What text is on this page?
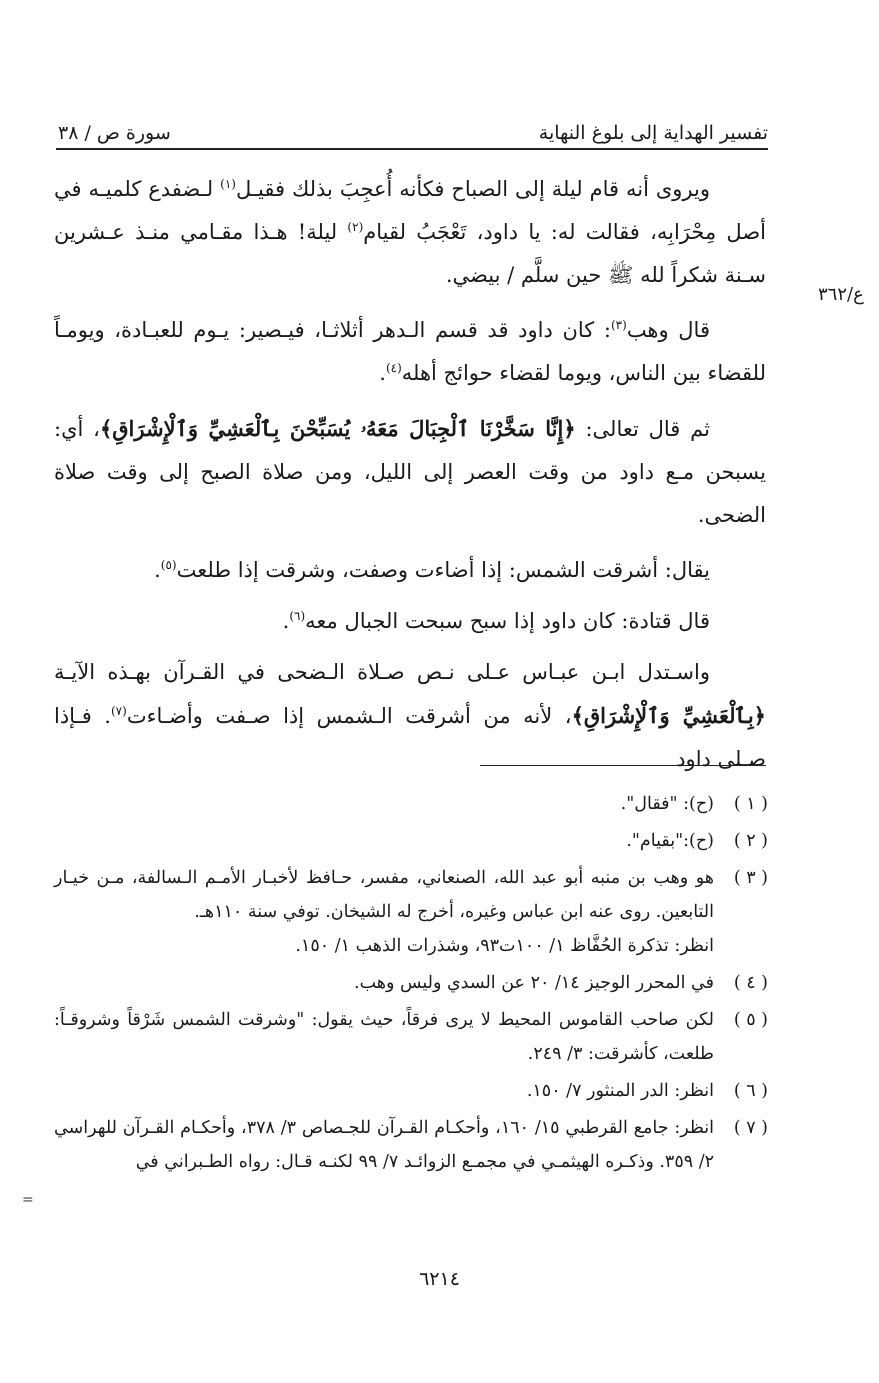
تفسير الهداية إلى بلوغ النهاية
سورة ص / ٣٨
ع/٣٦٢

ويروى أنه قام ليلة إلى الصباح فكأنه أُعجِبَ بذلك فقيـل$^{(١)}$ لـضفدع كلميـه في أصل مِحْرَابِه، فقالت له: يا داود، تَعْجَبُ لقيام$^{(٢)}$ ليلة! هـذا مقـامي منـذ عـشرين سـنة شكراً لله ﷺ حين سلَّم / بيضي.

قال وهب$^{(٣)}$: كان داود قد قسم الـدهر أثلاثـا، فيـصير: يـوم للعبـادة، ويومـاً للقضاء بين الناس، ويوما لقضاء حوائج أهله$^{(٤)}$.

ثم قال تعالى: ﴿إِنَّا سَخَّرْنَا ٱلْجِبَالَ مَعَهُۥ يُسَبِّحْنَ بِٱلْعَشِيِّ وَٱلْإِشْرَاقِ﴾، أي: يسبحن مـع داود من وقت العصر إلى الليل، ومن صلاة الصبح إلى وقت صلاة الضحى.

يقال: أشرقت الشمس: إذا أضاءت وصفت، وشرقت إذا طلعت$^{(٥)}$.

قال قتادة: كان داود إذا سبح سبحت الجبال معه$^{(٦)}$.

واسـتدل ابـن عبـاس عـلى نـص صـلاة الـضحى في القـرآن بهـذه الآيـة ﴿بِٱلْعَشِيِّ وَٱلْإِشْرَاقِ﴾، لأنه من أشرقت الـشمس إذا صـفت وأضـاءت$^{(٧)}$. فـإذا صـلى داود

( ١ )
(ح): "فقال".
( ٢ )
(ح):"بقيام".
( ٣ )
هو وهب بن منبه أبو عبد الله، الصنعاني، مفسر، حـافظ لأخبـار الأمـم الـسالفة، مـن خيـار التابعين. روى عنه ابن عباس وغيره، أخرج له الشيخان. توفي سنة ١١٠هـ.
انظر: تذكرة الحُفَّاظ ١/ ١٠٠ت٩٣، وشذرات الذهب ١/ ١٥٠.
( ٤ )
في المحرر الوجيز ١٤/ ٢٠ عن السدي وليس وهب.
( ٥ )
لكن صاحب القاموس المحيط لا يرى فرقاً، حيث يقول: "وشرقت الشمس شَرْقاً وشروقـاً: طلعت، كأشرقت: ٣/ ٢٤٩.
( ٦ )
انظر: الدر المنثور ٧/ ١٥٠.
( ٧ )
انظر: جامع القرطبي ١٥/ ١٦٠، وأحكـام القـرآن للجـصاص ٣/ ٣٧٨، وأحكـام القـرآن للهراسي ٢/ ٣٥٩. وذكـره الهيثمـي في مجمـع الزوائـد ٧/ ٩٩ لكنـه قـال: رواه الطـبراني في
=
٦٢١٤
